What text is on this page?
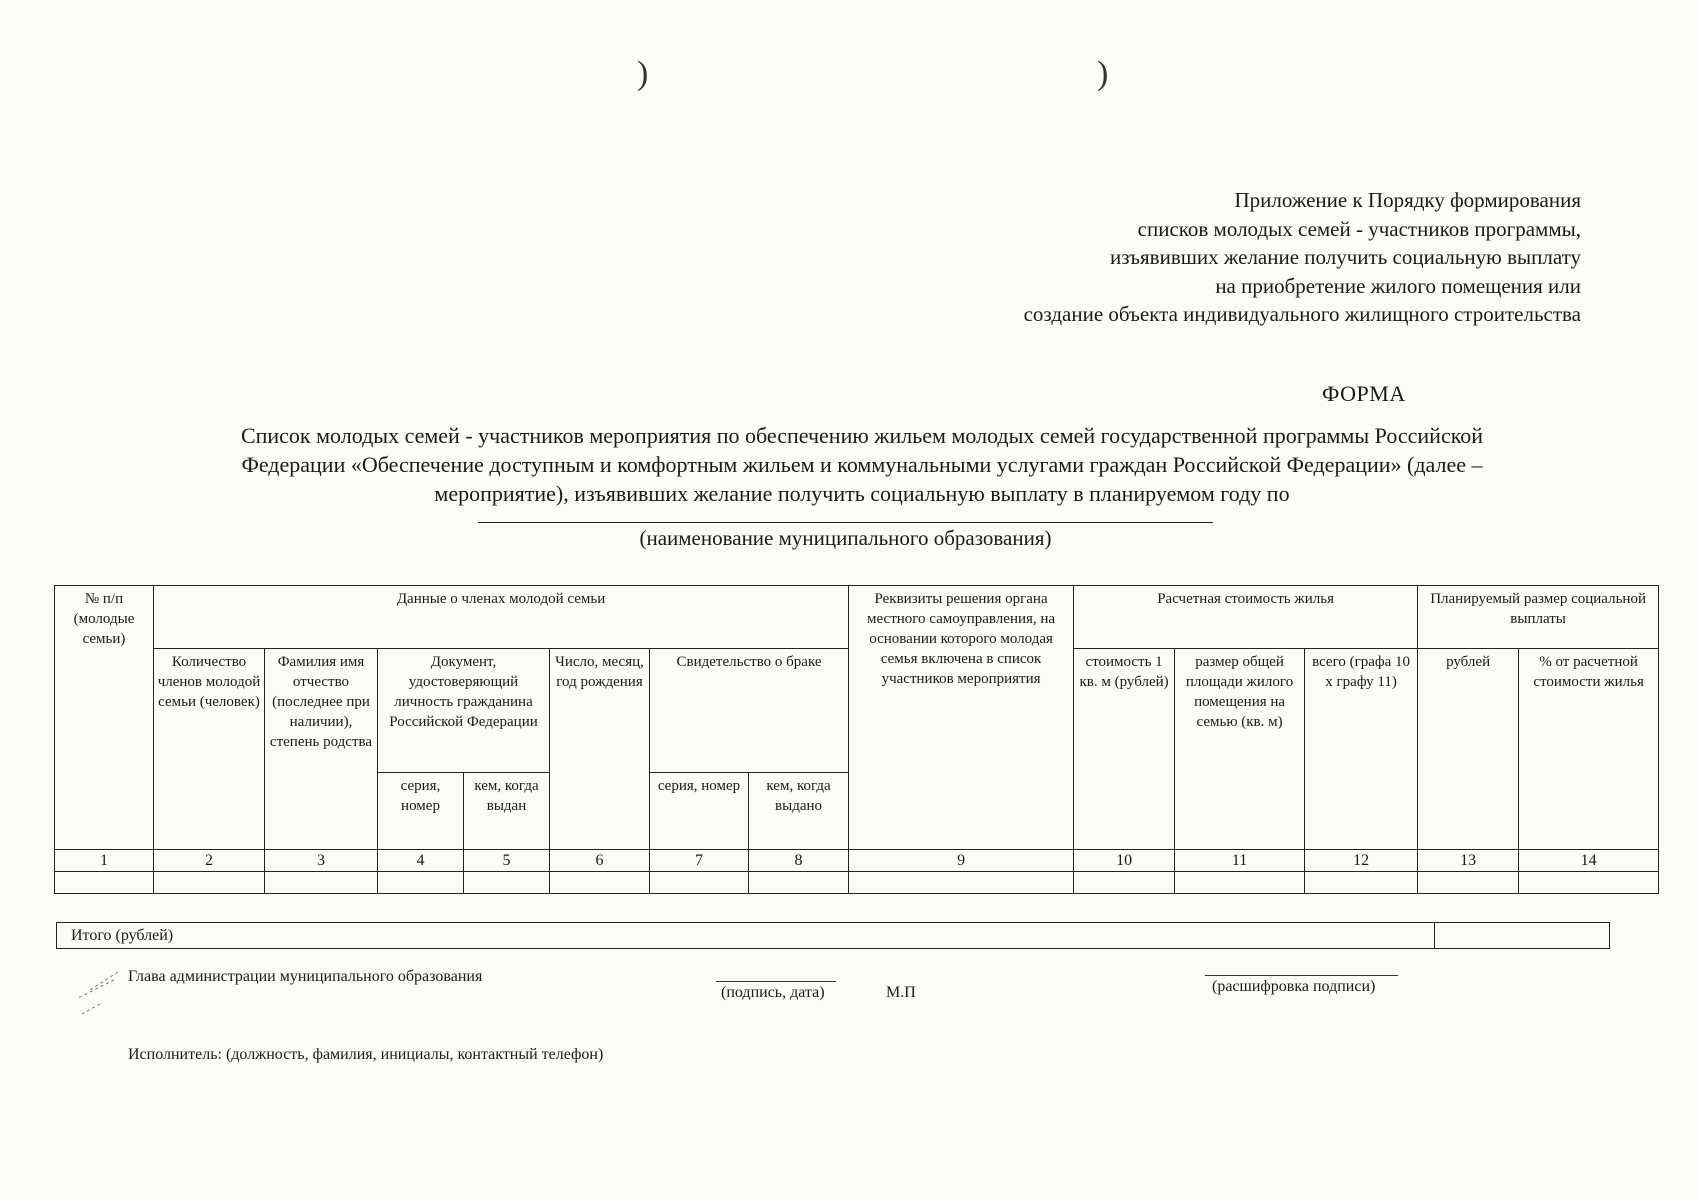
)	)
Приложение к Порядку формирования
списков молодых семей - участников программы,
изъявивших желание получить социальную выплату
на приобретение жилого помещения или
создание объекта индивидуального жилищного строительства
ФОРМА
Список молодых семей - участников мероприятия по обеспечению жильем молодых семей государственной программы Российской
Федерации «Обеспечение доступным и комфортным жильем и коммунальными услугами граждан Российской Федерации» (далее –
мероприятие), изъявивших желание получить социальную выплату в планируемом году по
(наименование муниципального образования)
№ п/п (молодые семьи)	Данные о членах молодой семьи							Реквизиты решения органа местного самоуправления, на основании которого молодая семья включена в список участников мероприятия	Расчетная стоимость жилья			Планируемый размер социальной выплаты	
	Количество членов молодой семьи (человек)	Фамилия имя отчество (последнее при наличии), степень родства	Документ, удостоверяющий личность гражданина Российской Федерации		Число, месяц, год рождения	Свидетельство о браке			стоимость 1 кв. м (рублей)	размер общей площади жилого помещения на семью (кв. м)	всего (графа 10 x графу 11)	рублей	% от расчетной стоимости жилья
			серия, номер	кем, когда выдан		серия, номер	кем, когда выдано						
1	2	3	4	5	6	7	8	9	10	11	12	13	14

Итого (рублей)	
Глава администрации муниципального образования
(подпись, дата)	М.П	(расшифровка подписи)
Исполнитель: (должность, фамилия, инициалы, контактный телефон)
